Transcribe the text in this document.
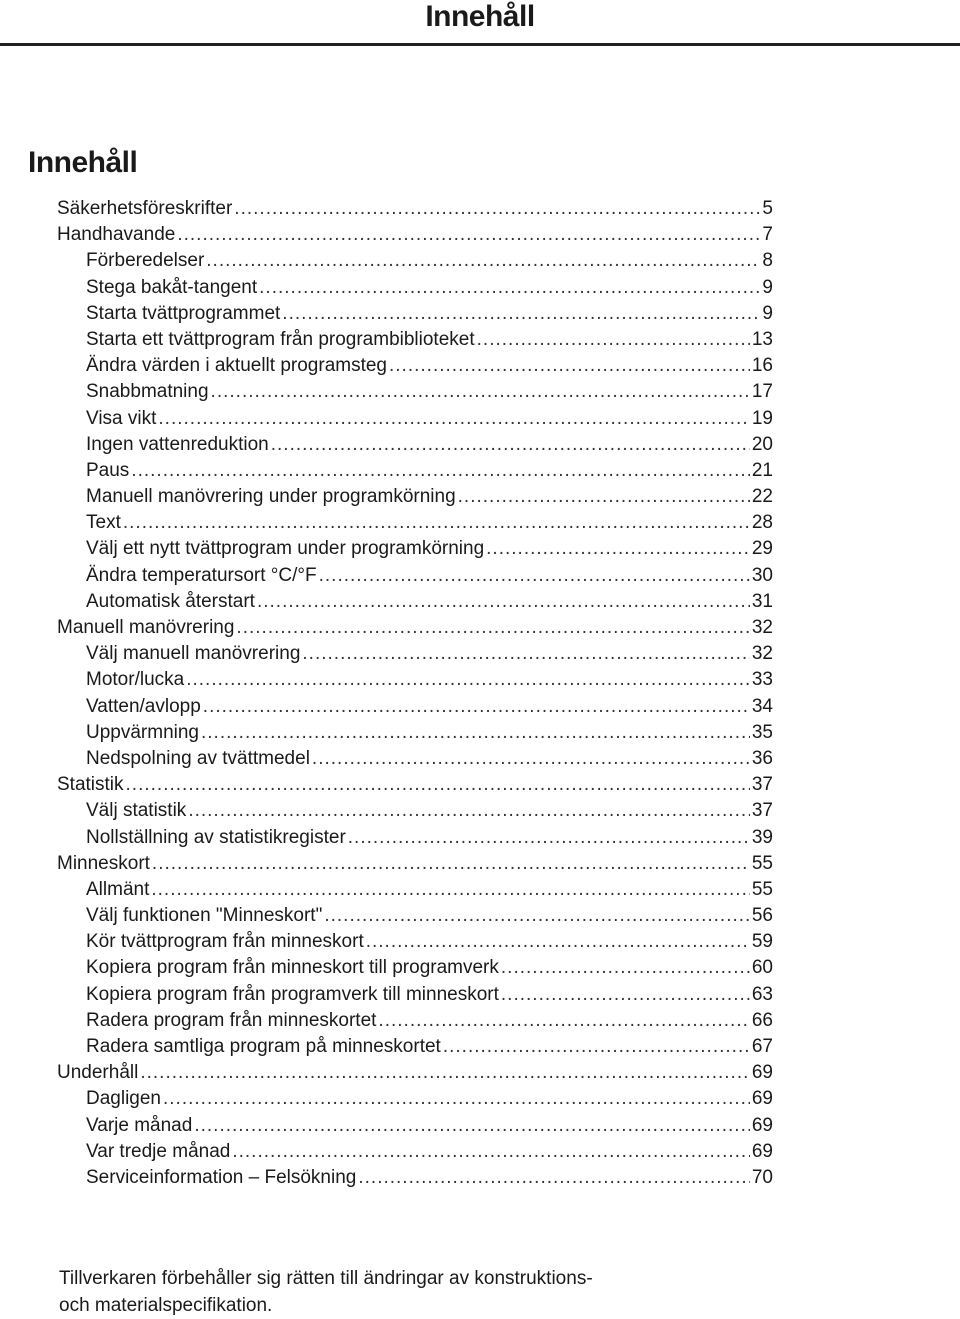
Innehåll
Innehåll
Säkerhetsföreskrifter .....	5
Handhavande .....	7
Förberedelser .....	8
Stega bakåt-tangent .....	9
Starta tvättprogrammet .....	9
Starta ett tvättprogram från programbiblioteket .....	13
Ändra värden i aktuellt programsteg .....	16
Snabbmatning .....	17
Visa vikt .....	19
Ingen vattenreduktion .....	20
Paus .....	21
Manuell manövrering under programkörning .....	22
Text .....	28
Välj ett nytt tvättprogram under programkörning .....	29
Ändra temperatursort °C/°F .....	30
Automatisk återstart .....	31
Manuell manövrering .....	32
Välj manuell manövrering .....	32
Motor/lucka .....	33
Vatten/avlopp .....	34
Uppvärmning .....	35
Nedspolning av tvättmedel .....	36
Statistik .....	37
Välj statistik .....	37
Nollställning av statistikregister .....	39
Minneskort .....	55
Allmänt .....	55
Välj funktionen "Minneskort" .....	56
Kör tvättprogram från minneskort .....	59
Kopiera program från minneskort till programverk .....	60
Kopiera program från programverk till minneskort .....	63
Radera program från minneskortet .....	66
Radera samtliga program på minneskortet .....	67
Underhåll .....	69
Dagligen .....	69
Varje månad .....	69
Var tredje månad .....	69
Serviceinformation – Felsökning .....	70
Tillverkaren förbehåller sig rätten till ändringar av konstruktions-
och materialspecifikation.
